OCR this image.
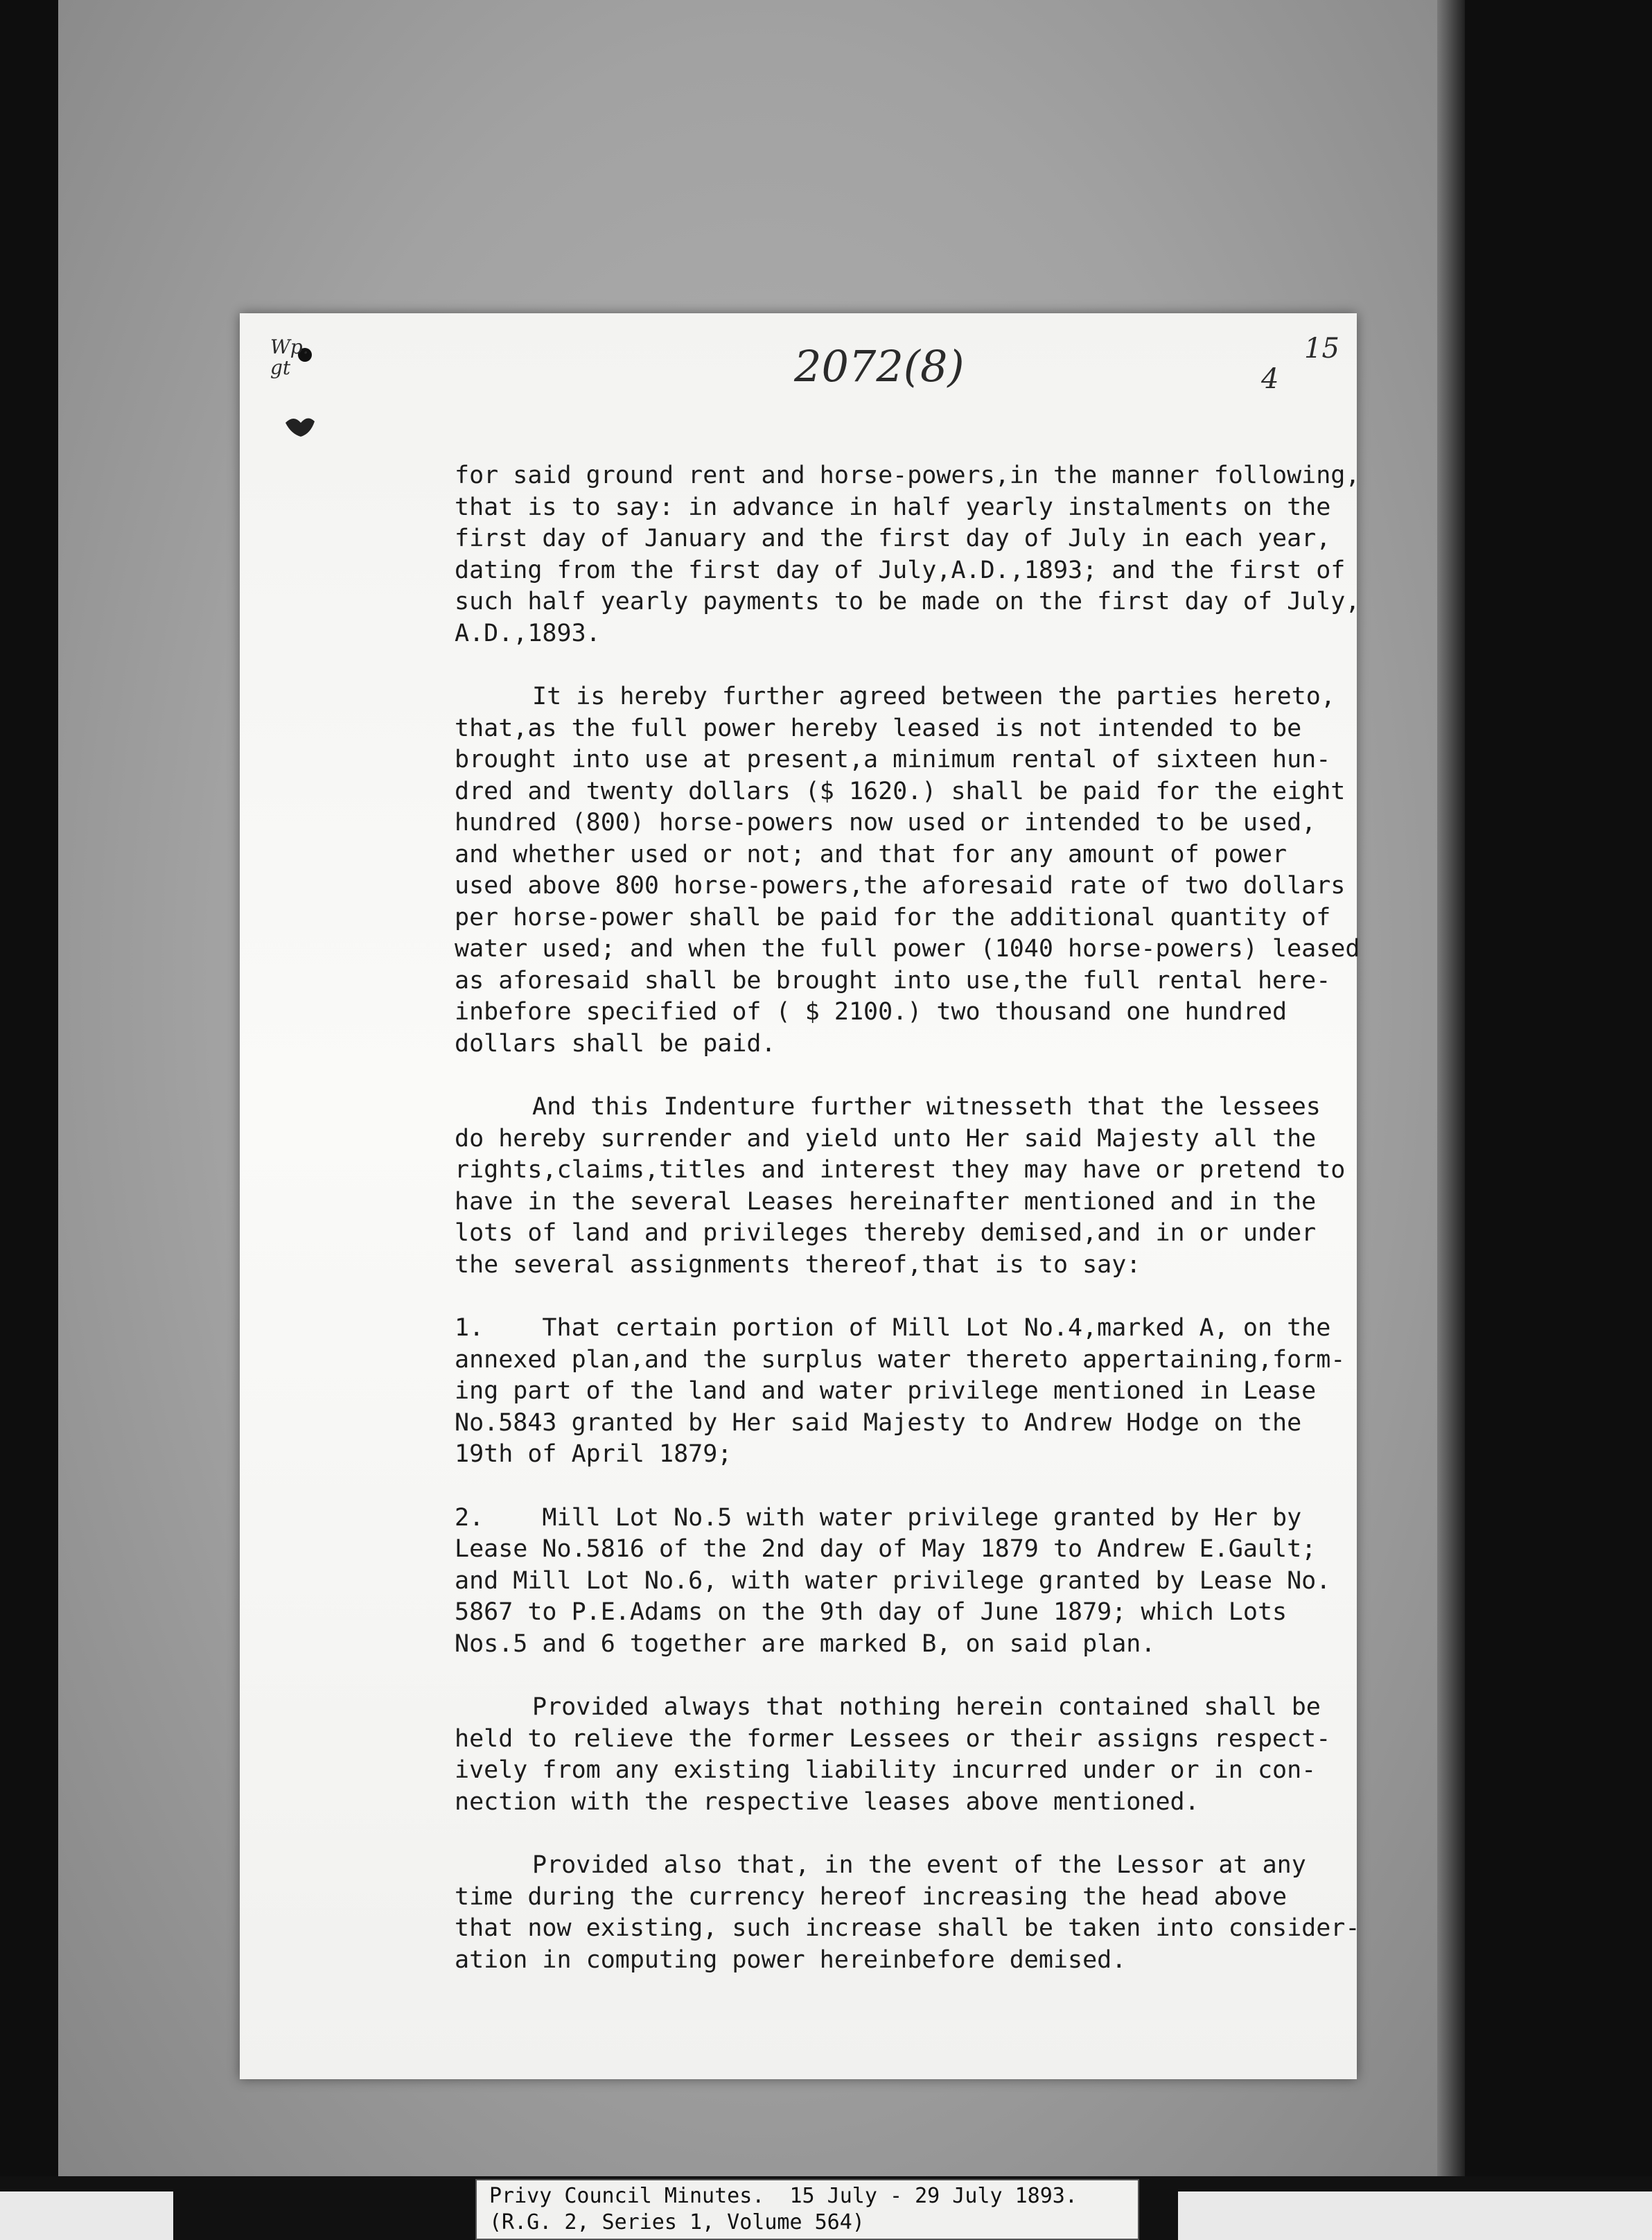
Wp.
gt	2072(8)	15
4
for said ground rent and horse-powers,in the manner following,
that is to say: in advance in half yearly instalments on the
first day of January and the first day of July in each year,
dating from the first day of July,A.D.,1893; and the first of
such half yearly payments to be made on the first day of July,
A.D.,1893.
It is hereby further agreed between the parties hereto,
that,as the full power hereby leased is not intended to be
brought into use at present,a minimum rental of sixteen hun-
dred and twenty dollars ($ 1620.) shall be paid for the eight
hundred (800) horse-powers now used or intended to be used,
and whether used or not; and that for any amount of power
used above 800 horse-powers,the aforesaid rate of two dollars
per horse-power shall be paid for the additional quantity of
water used; and when the full power (1040 horse-powers) leased
as aforesaid shall be brought into use,the full rental here-
inbefore specified of ( $ 2100.) two thousand one hundred
dollars shall be paid.
And this Indenture further witnesseth that the lessees
do hereby surrender and yield unto Her said Majesty all the
rights,claims,titles and interest they may have or pretend to
have in the several Leases hereinafter mentioned and in the
lots of land and privileges thereby demised,and in or under
the several assignments thereof,that is to say:
1.    That certain portion of Mill Lot No.4,marked A, on the
annexed plan,and the surplus water thereto appertaining,form-
ing part of the land and water privilege mentioned in Lease
No.5843 granted by Her said Majesty to Andrew Hodge on the
19th of April 1879;
2.    Mill Lot No.5 with water privilege granted by Her by
Lease No.5816 of the 2nd day of May 1879 to Andrew E.Gault;
and Mill Lot No.6, with water privilege granted by Lease No.
5867 to P.E.Adams on the 9th day of June 1879; which Lots
Nos.5 and 6 together are marked B, on said plan.
Provided always that nothing herein contained shall be
held to relieve the former Lessees or their assigns respect-
ively from any existing liability incurred under or in con-
nection with the respective leases above mentioned.
Provided also that, in the event of the Lessor at any
time during the currency hereof increasing the head above
that now existing, such increase shall be taken into consider-
ation in computing power hereinbefore demised.
Privy Council Minutes.  15 July - 29 July 1893.
(R.G. 2, Series 1, Volume 564)
